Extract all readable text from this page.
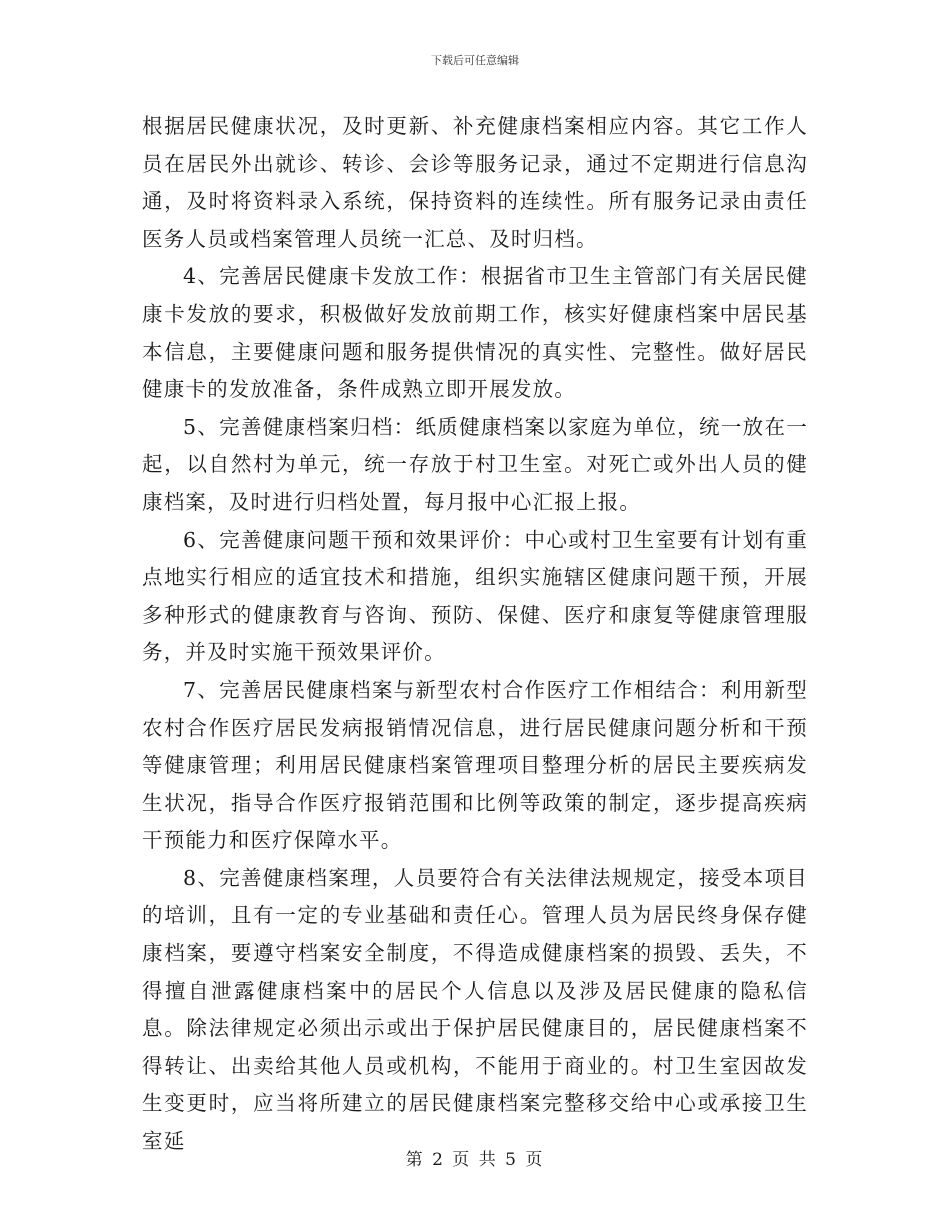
下载后可任意编辑

根据居民健康状况，及时更新、补充健康档案相应内容。其它工作人员在居民外出就诊、转诊、会诊等服务记录，通过不定期进行信息沟通，及时将资料录入系统，保持资料的连续性。所有服务记录由责任医务人员或档案管理人员统一汇总、及时归档。

4、完善居民健康卡发放工作：根据省市卫生主管部门有关居民健康卡发放的要求，积极做好发放前期工作，核实好健康档案中居民基本信息，主要健康问题和服务提供情况的真实性、完整性。做好居民健康卡的发放准备，条件成熟立即开展发放。

5、完善健康档案归档：纸质健康档案以家庭为单位，统一放在一起，以自然村为单元，统一存放于村卫生室。对死亡或外出人员的健康档案，及时进行归档处置，每月报中心汇报上报。

6、完善健康问题干预和效果评价：中心或村卫生室要有计划有重点地实行相应的适宜技术和措施，组织实施辖区健康问题干预，开展多种形式的健康教育与咨询、预防、保健、医疗和康复等健康管理服务，并及时实施干预效果评价。

7、完善居民健康档案与新型农村合作医疗工作相结合：利用新型农村合作医疗居民发病报销情况信息，进行居民健康问题分析和干预等健康管理；利用居民健康档案管理项目整理分析的居民主要疾病发生状况，指导合作医疗报销范围和比例等政策的制定，逐步提高疾病干预能力和医疗保障水平。

8、完善健康档案理，人员要符合有关法律法规规定，接受本项目的培训，且有一定的专业基础和责任心。管理人员为居民终身保存健康档案，要遵守档案安全制度，不得造成健康档案的损毁、丢失，不得擅自泄露健康档案中的居民个人信息以及涉及居民健康的隐私信息。除法律规定必须出示或出于保护居民健康目的，居民健康档案不得转让、出卖给其他人员或机构，不能用于商业的。村卫生室因故发生变更时，应当将所建立的居民健康档案完整移交给中心或承接卫生室延

第 2 页 共 5 页
